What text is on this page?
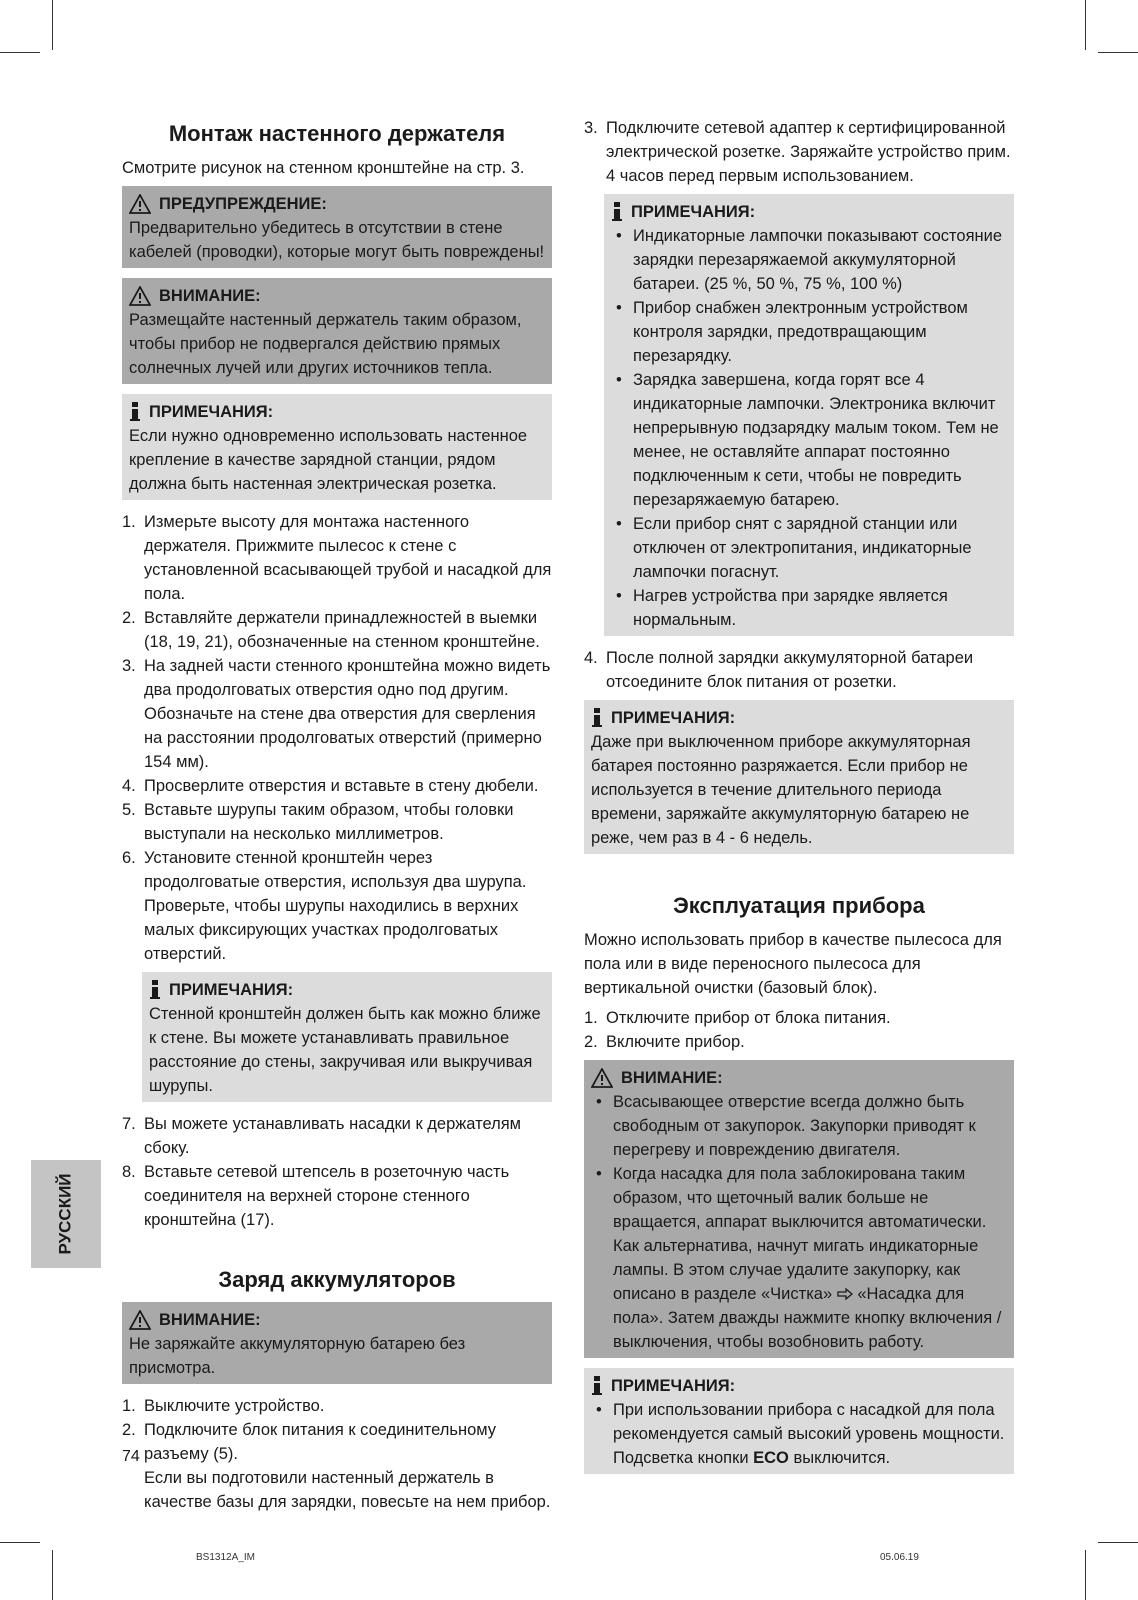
Монтаж настенного держателя

Смотрите рисунок на стенном кронштейне на стр. 3.

ПРЕДУПРЕЖДЕНИЕ:
Предварительно убедитесь в отсутствии в стене кабелей (проводки), которые могут быть повреждены!
ВНИМАНИЕ:
Размещайте настенный держатель таким образом, чтобы прибор не подвергался действию прямых солнечных лучей или других источников тепла.
ПРИМЕЧАНИЯ:
Если нужно одновременно использовать настенное крепление в качестве зарядной станции, рядом должна быть настенная электрическая розетка.
1. Измерьте высоту для монтажа настенного держателя. Прижмите пылесос к стене с установленной всасывающей трубой и насадкой для пола.
2. Вставляйте держатели принадлежностей в выемки (18, 19, 21), обозначенные на стенном кронштейне.
3. На задней части стенного кронштейна можно видеть два продолговатых отверстия одно под другим. Обозначьте на стене два отверстия для сверления на расстоянии продолговатых отверстий (примерно 154 мм).
4. Просверлите отверстия и вставьте в стену дюбели.
5. Вставьте шурупы таким образом, чтобы головки выступали на несколько миллиметров.
6. Установите стенной кронштейн через продолговатые отверстия, используя два шурупа. Проверьте, чтобы шурупы находились в верхних малых фиксирующих участках продолговатых отверстий.
ПРИМЕЧАНИЯ:
Стенной кронштейн должен быть как можно ближе к стене. Вы можете устанавливать правильное расстояние до стены, закручивая или выкручивая шурупы.
7. Вы можете устанавливать насадки к держателям сбоку.
8. Вставьте сетевой штепсель в розеточную часть соединителя на верхней стороне стенного кронштейна (17).
Заряд аккумуляторов
ВНИМАНИЕ:
Не заряжайте аккумуляторную батарею без присмотра.
1. Выключите устройство.
2. Подключите блок питания к соединительному разъему (5).
Если вы подготовили настенный держатель в качестве базы для зарядки, повесьте на нем прибор.
3. Подключите сетевой адаптер к сертифицированной электрической розетке. Заряжайте устройство прим. 4 часов перед первым использованием.
ПРИМЕЧАНИЯ:
• Индикаторные лампочки показывают состояние зарядки перезаряжаемой аккумуляторной батареи. (25 %, 50 %, 75 %, 100 %)
• Прибор снабжен электронным устройством контроля зарядки, предотвращающим перезарядку.
• Зарядка завершена, когда горят все 4 индикаторные лампочки. Электроника включит непрерывную подзарядку малым током. Тем не менее, не оставляйте аппарат постоянно подключенным к сети, чтобы не повредить перезаряжаемую батарею.
• Если прибор снят с зарядной станции или отключен от электропитания, индикаторные лампочки погаснут.
• Нагрев устройства при зарядке является нормальным.
4. После полной зарядки аккумуляторной батареи отсоедините блок питания от розетки.
ПРИМЕЧАНИЯ:
Даже при выключенном приборе аккумуляторная батарея постоянно разряжается. Если прибор не используется в течение длительного периода времени, заряжайте аккумуляторную батарею не реже, чем раз в 4 - 6 недель.
Эксплуатация прибора

Можно использовать прибор в качестве пылесоса для пола или в виде переносного пылесоса для вертикальной очистки (базовый блок).

1. Отключите прибор от блока питания.
2. Включите прибор.
ВНИМАНИЕ:
• Всасывающее отверстие всегда должно быть свободным от закупорок. Закупорки приводят к перегреву и повреждению двигателя.
• Когда насадка для пола заблокирована таким образом, что щеточный валик больше не вращается, аппарат выключится автоматически. Как альтернатива, начнут мигать индикаторные лампы. В этом случае удалите закупорку, как описано в разделе «Чистка» «Насадка для пола». Затем дважды нажмите кнопку включения / выключения, чтобы возобновить работу.
ПРИМЕЧАНИЯ:
• При использовании прибора с насадкой для пола рекомендуется самый высокий уровень мощности. Подсветка кнопки ECO выключится.
РУССКИЙ
74
BS1312A_IM	05.06.19
